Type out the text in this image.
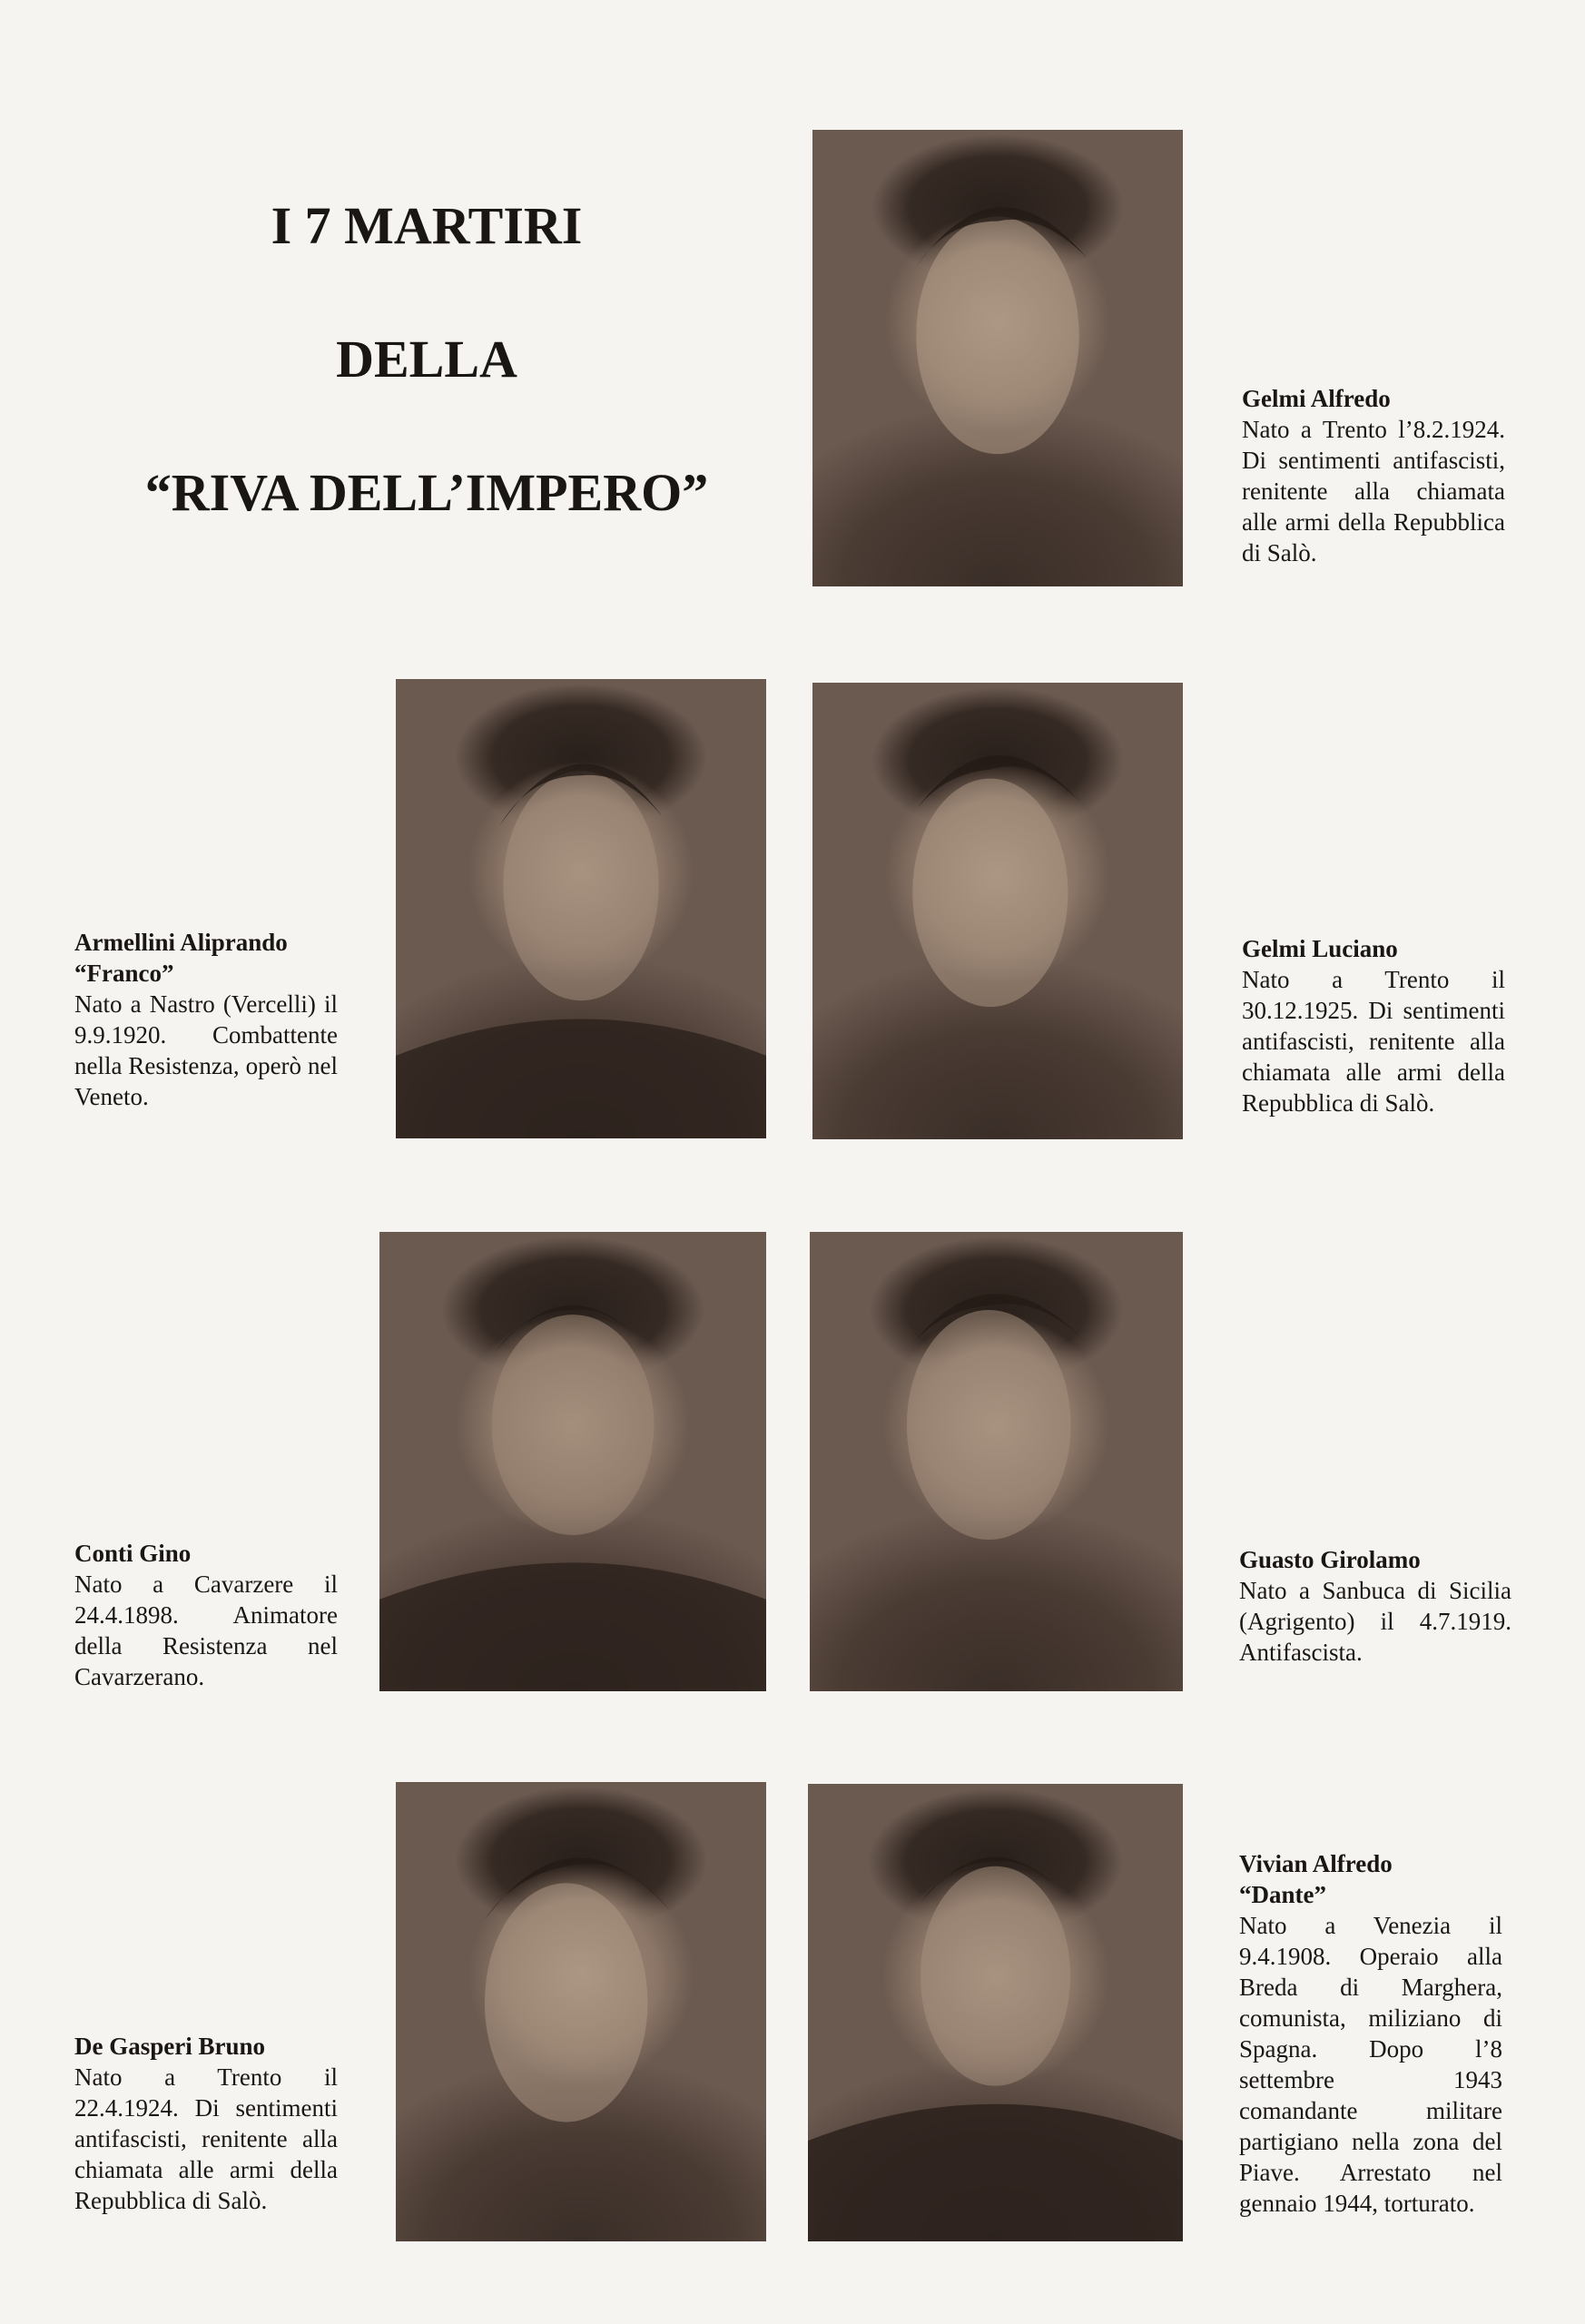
I 7 MARTIRI
DELLA
“RIVA DELL’IMPERO”
Gelmi Alfredo
Nato a Trento l’8.2.1924. Di sentimenti antifascisti, renitente alla chiamata alle armi della Repubblica di Salò.
Armellini Aliprando
“Franco”
Nato a Nastro (Vercelli) il 9.9.1920. Combattente nella Resistenza, operò nel Veneto.
Gelmi Luciano
Nato a Trento il 30.12.1925. Di sentimenti antifascisti, renitente alla chiamata alle armi della Repubblica di Salò.
Conti Gino
Nato a Cavarzere il 24.4.1898. Animatore della Resistenza nel Cavarzerano.
Guasto Girolamo
Nato a Sanbuca di Sicilia (Agrigento) il 4.7.1919. Antifascista.
De Gasperi Bruno
Nato a Trento il 22.4.1924. Di sentimenti antifascisti, renitente alla chiamata alle armi della Repubblica di Salò.
Vivian Alfredo
“Dante”
Nato a Venezia il 9.4.1908. Operaio alla Breda di Marghera, comunista, miliziano di Spagna. Dopo l’8 settembre 1943 comandante militare partigiano nella zona del Piave. Arrestato nel gennaio 1944, torturato.
